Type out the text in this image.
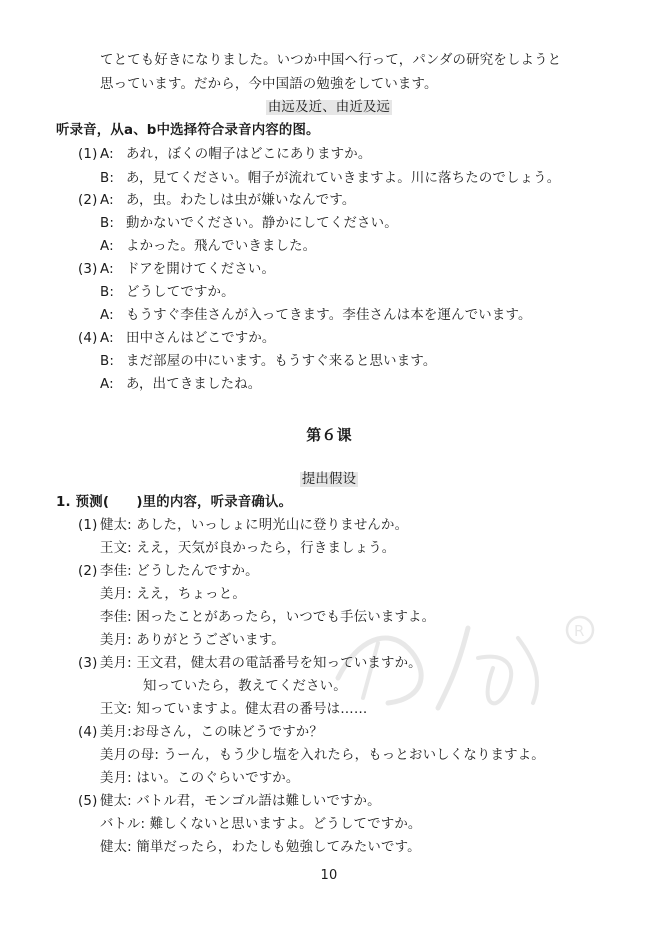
てとても好きになりました。いつか中国へ行って，パンダの研究をしようと
思っています。だから，今中国語の勉強をしています。
由远及近、由近及远
听录音，从a、b中选择符合录音内容的图。
(1) A: あれ，ぼくの帽子はどこにありますか。
B: あ，見てください。帽子が流れていきますよ。川に落ちたのでしょう。
(2) A: あ，虫。わたしは虫が嫌いなんです。
B: 動かないでください。静かにしてください。
A: よかった。飛んでいきました。
(3) A: ドアを開けてください。
B: どうしてですか。
A: もうすぐ李佳さんが入ってきます。李佳さんは本を運んでいます。
(4) A: 田中さんはどこですか。
B: まだ部屋の中にいます。もうすぐ来ると思います。
A: あ，出てきましたね。
第６课
提出假设
1. 预测(　　)里的内容，听录音确认。
(1) 健太: あした，いっしょに明光山に登りませんか。
王文: ええ，天気が良かったら，行きましょう。
(2) 李佳: どうしたんですか。
美月: ええ，ちょっと。
李佳: 困ったことがあったら，いつでも手伝いますよ。
美月: ありがとうございます。
(3) 美月: 王文君，健太君の電話番号を知っていますか。
知っていたら，教えてください。
王文: 知っていますよ。健太君の番号は……
(4) 美月:お母さん，この味どうですか？
美月の母: うーん，もう少し塩を入れたら，もっとおいしくなりますよ。
美月: はい。このぐらいですか。
(5) 健太: バトル君，モンゴル語は難しいですか。
バトル: 難しくないと思いますよ。どうしてですか。
健太: 簡単だったら，わたしも勉強してみたいです。
10
R
